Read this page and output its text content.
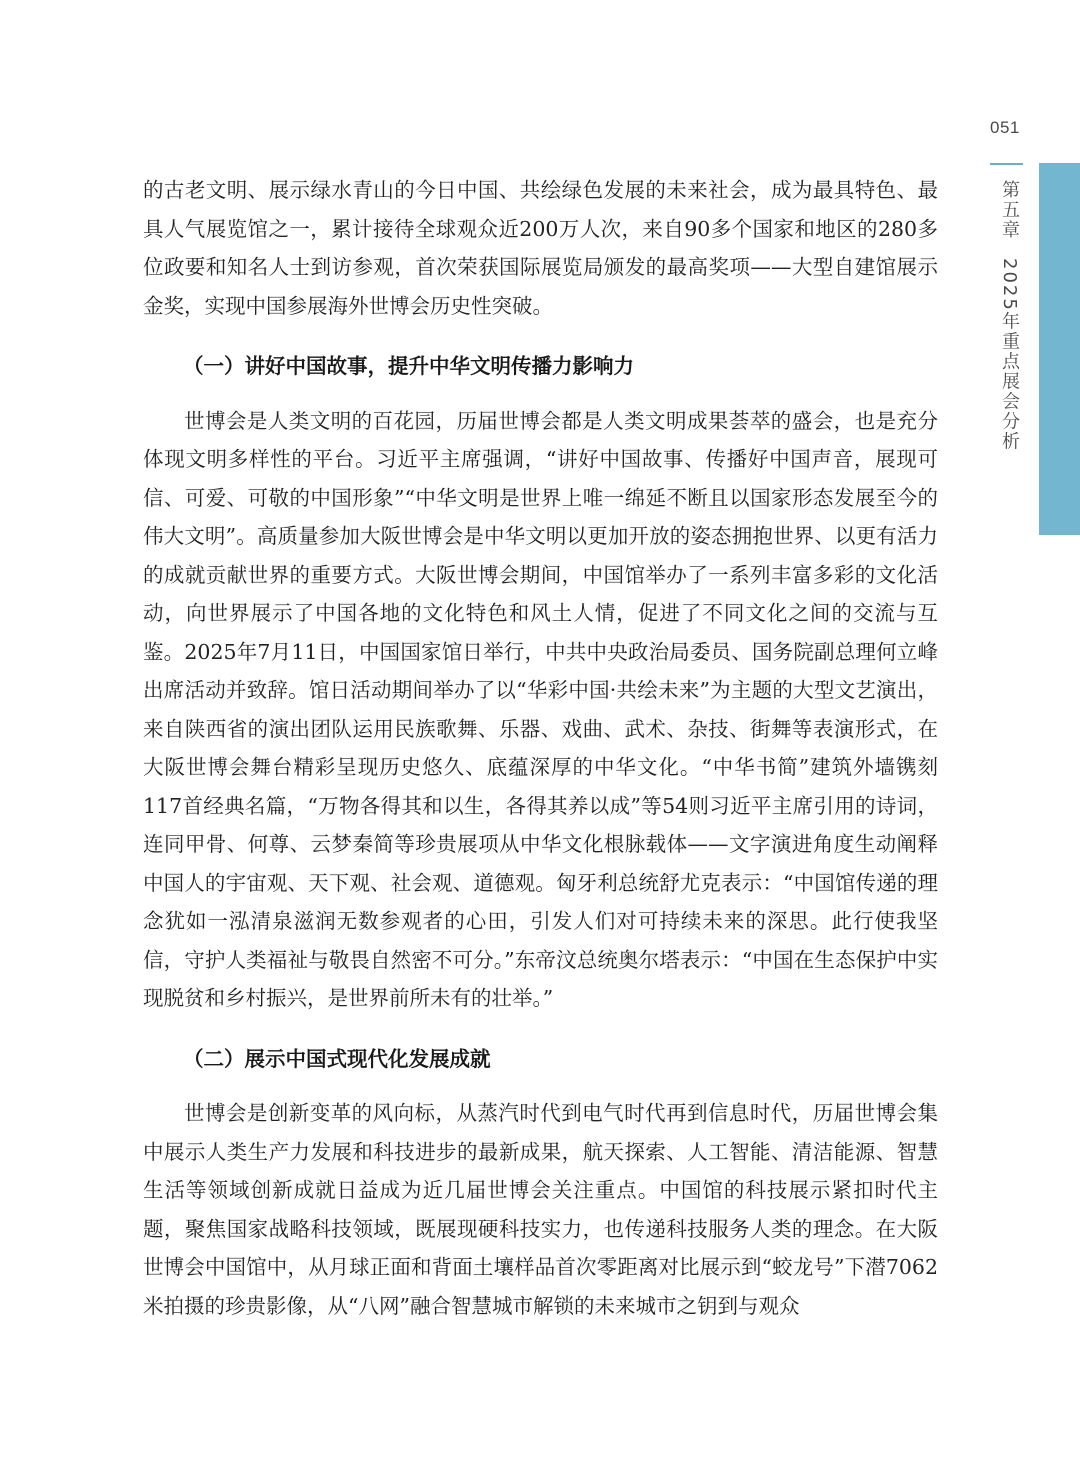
051
第五章2025年重点展会分析

的古老文明、展示绿水青山的今日中国、共绘绿色发展的未来社会，成为最具特色、最具人气展览馆之一，累计接待全球观众近200万人次，来自90多个国家和地区的280多位政要和知名人士到访参观，首次荣获国际展览局颁发的最高奖项——大型自建馆展示金奖，实现中国参展海外世博会历史性突破。

（一）讲好中国故事，提升中华文明传播力影响力

世博会是人类文明的百花园，历届世博会都是人类文明成果荟萃的盛会，也是充分体现文明多样性的平台。习近平主席强调，“讲好中国故事、传播好中国声音，展现可信、可爱、可敬的中国形象”“中华文明是世界上唯一绵延不断且以国家形态发展至今的伟大文明”。高质量参加大阪世博会是中华文明以更加开放的姿态拥抱世界、以更有活力的成就贡献世界的重要方式。大阪世博会期间，中国馆举办了一系列丰富多彩的文化活动，向世界展示了中国各地的文化特色和风土人情，促进了不同文化之间的交流与互鉴。2025年7月11日，中国国家馆日举行，中共中央政治局委员、国务院副总理何立峰出席活动并致辞。馆日活动期间举办了以“华彩中国·共绘未来”为主题的大型文艺演出，来自陕西省的演出团队运用民族歌舞、乐器、戏曲、武术、杂技、街舞等表演形式，在大阪世博会舞台精彩呈现历史悠久、底蕴深厚的中华文化。“中华书简”建筑外墙镌刻117首经典名篇，“万物各得其和以生，各得其养以成”等54则习近平主席引用的诗词，连同甲骨、何尊、云梦秦简等珍贵展项从中华文化根脉载体——文字演进角度生动阐释中国人的宇宙观、天下观、社会观、道德观。匈牙利总统舒尤克表示：“中国馆传递的理念犹如一泓清泉滋润无数参观者的心田，引发人们对可持续未来的深思。此行使我坚信，守护人类福祉与敬畏自然密不可分。”东帝汶总统奥尔塔表示：“中国在生态保护中实现脱贫和乡村振兴，是世界前所未有的壮举。”

（二）展示中国式现代化发展成就

世博会是创新变革的风向标，从蒸汽时代到电气时代再到信息时代，历届世博会集中展示人类生产力发展和科技进步的最新成果，航天探索、人工智能、清洁能源、智慧生活等领域创新成就日益成为近几届世博会关注重点。中国馆的科技展示紧扣时代主题，聚焦国家战略科技领域，既展现硬科技实力，也传递科技服务人类的理念。在大阪世博会中国馆中，从月球正面和背面土壤样品首次零距离对比展示到“蛟龙号”下潜7062米拍摄的珍贵影像，从“八网”融合智慧城市解锁的未来城市之钥到与观众
